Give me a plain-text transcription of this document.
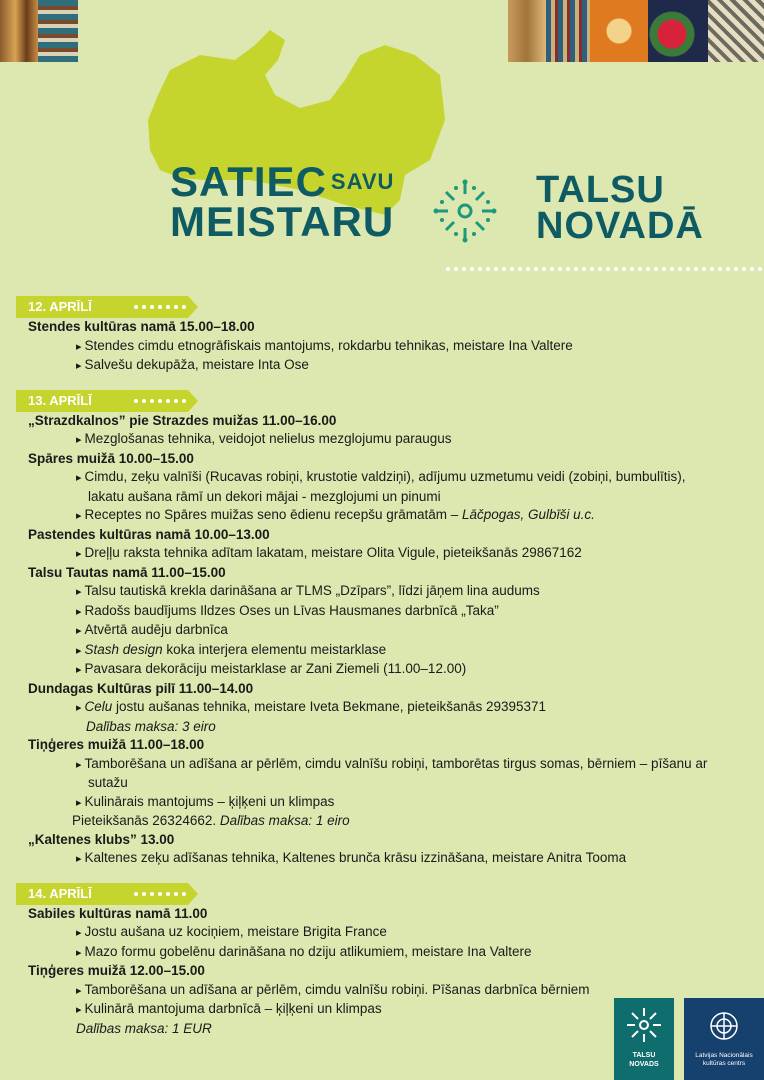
SATIEC $^{SAVU}$
MEISTARU
TALSU
NOVADĀ
12. APRĪLĪ
Stendes kultūras namā 15.00–18.00
▸ Stendes cimdu etnogrāfiskais mantojums, rokdarbu tehnikas, meistare Ina Valtere
▸ Salvešu dekupāža, meistare Inta Ose
13. APRĪLĪ
„Strazdkalnos” pie Strazdes muižas 11.00–16.00
▸ Mezglošanas tehnika, veidojot nelielus mezglojumu paraugus
Spāres muižā 10.00–15.00
▸ Cimdu, zeķu valnīši (Rucavas robiņi, krustotie valdziņi), adījumu uzmetumu veidi (zobiņi, bumbulītis), lakatu aušana rāmī un dekori mājai - mezglojumi un pinumi
▸ Receptes no Spāres muižas seno ēdienu recepšu grāmatām – Lāčpogas, Gulbīši u.c.
Pastendes kultūras namā 10.00–13.00
▸ Dreļļu raksta tehnika adītam lakatam, meistare Olita Vigule, pieteikšanās 29867162
Talsu Tautas namā 11.00–15.00
▸ Talsu tautiskā krekla darināšana ar TLMS „Dzīpars”, līdzi jāņem lina audums
▸ Radošs baudījums Ildzes Oses un Līvas Hausmanes darbnīcā „Taka”
▸ Atvērtā audēju darbnīca
▸ Stash design koka interjera elementu meistarklase
▸ Pavasara dekorāciju meistarklase ar Zani Ziemeli (11.00–12.00)
Dundagas Kultūras pilī 11.00–14.00
▸ Celu jostu aušanas tehnika, meistare Iveta Bekmane, pieteikšanās 29395371
Dalības maksa: 3 eiro
Tiņģeres muižā 11.00–18.00
▸ Tamborēšana un adīšana ar pērlēm, cimdu valnīšu robiņi, tamborētas tirgus somas, bērniem – pīšanu ar sutažu
▸ Kulinārais mantojums – ķiļķeni un klimpas
Pieteikšanās 26324662. Dalības maksa: 1 eiro
„Kaltenes klubs” 13.00
▸ Kaltenes zeķu adīšanas tehnika, Kaltenes brunča krāsu izzināšana, meistare Anitra Tooma
14. APRĪLĪ
Sabiles kultūras namā 11.00
▸ Jostu aušana uz kociņiem, meistare Brigita France
▸ Mazo formu gobelēnu darināšana no dziju atlikumiem, meistare Ina Valtere
Tiņģeres muižā 12.00–15.00
▸ Tamborēšana un adīšana ar pērlēm, cimdu valnīšu robiņi. Pīšanas darbnīca bērniem
▸ Kulinārā mantojuma darbnīcā – ķiļķeni un klimpas
Dalības maksa: 1 EUR
TALSU
NOVADS
Latvijas Nacionālais
kultūras centrs
